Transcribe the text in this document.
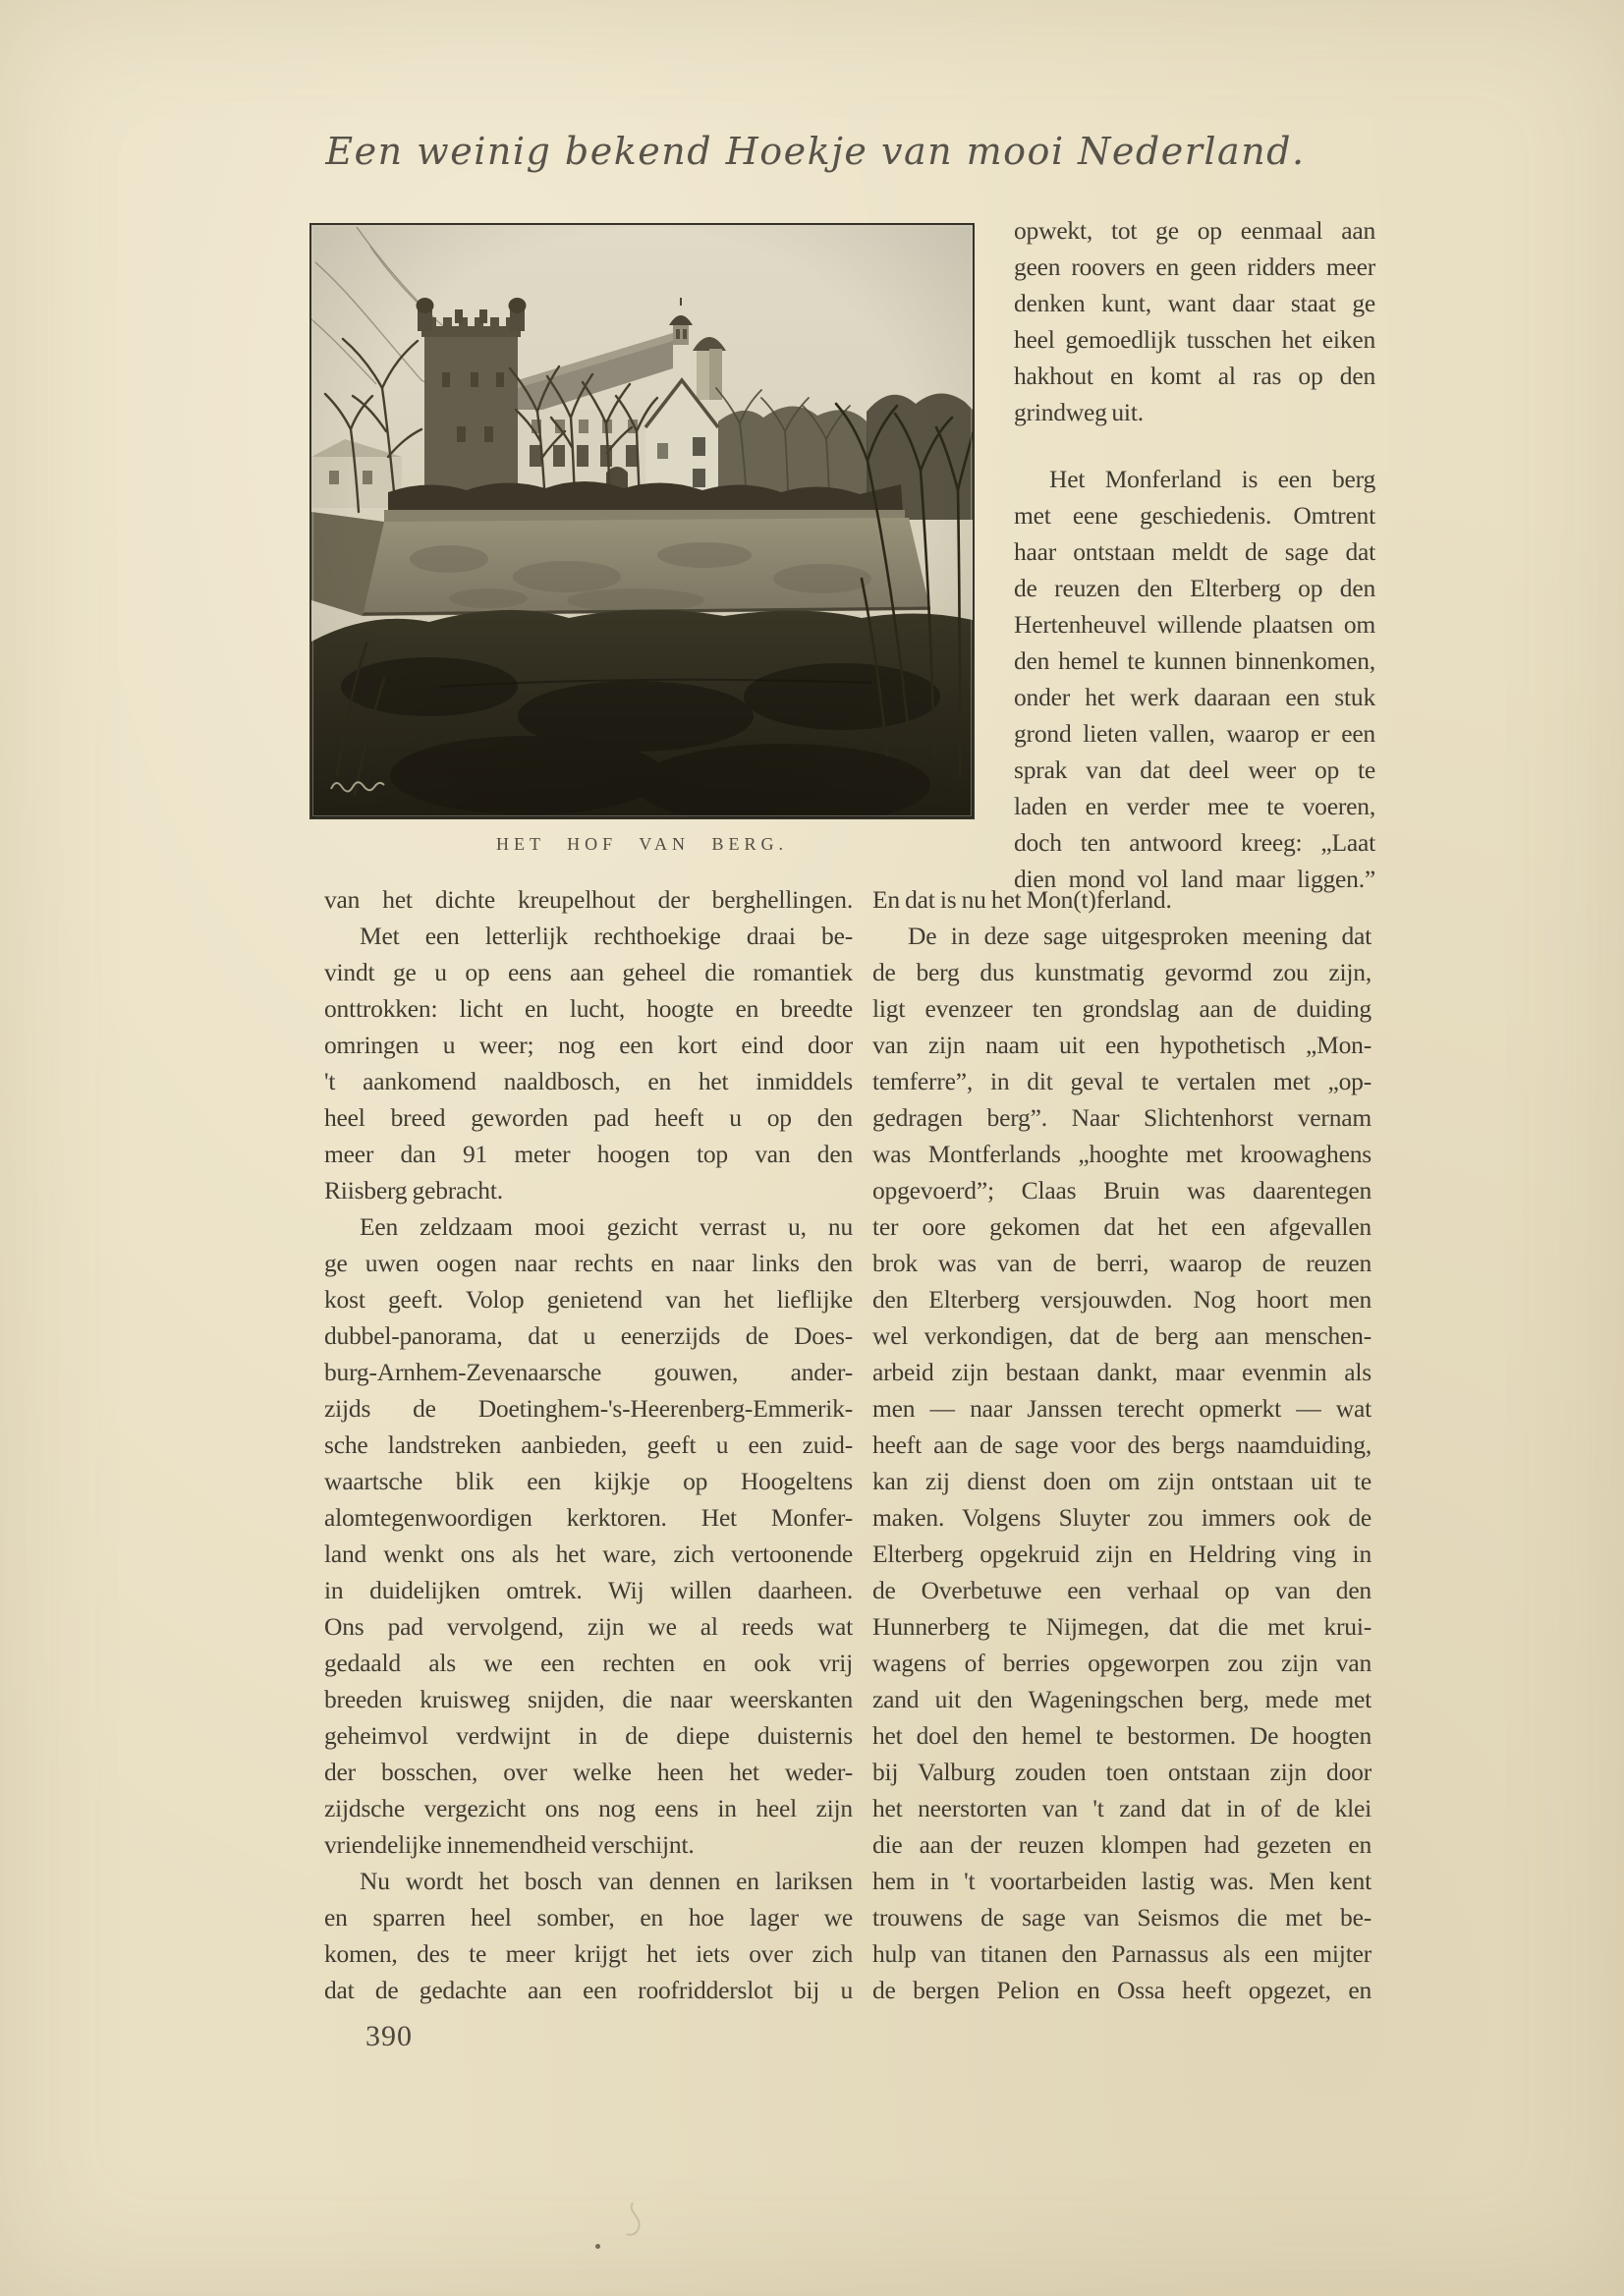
Een weinig bekend Hoekje van mooi Nederland.
HET HOF VAN BERG.
opwekt, tot ge op eenmaal aan
geen roovers en geen ridders meer
denken kunt, want daar staat ge
heel gemoedlijk tusschen het eiken
hakhout en komt al ras op den
grindweg uit.
Het Monferland is een berg
met eene geschiedenis. Omtrent
haar ontstaan meldt de sage dat
de reuzen den Elterberg op den
Hertenheuvel willende plaatsen om
den hemel te kunnen binnenkomen,
onder het werk daaraan een stuk
grond lieten vallen, waarop er een
sprak van dat deel weer op te
laden en verder mee te voeren,
doch ten antwoord kreeg: „Laat
dien mond vol land maar liggen.”
En dat is nu het Mon(t)ferland.
De in deze sage uitgesproken meening dat
de berg dus kunstmatig gevormd zou zijn,
ligt evenzeer ten grondslag aan de duiding
van zijn naam uit een hypothetisch „Mon-
temferre”, in dit geval te vertalen met „op-
gedragen berg”. Naar Slichtenhorst vernam
was Montferlands „hooghte met kroowaghens
opgevoerd”; Claas Bruin was daarentegen
ter oore gekomen dat het een afgevallen
brok was van de berri, waarop de reuzen
den Elterberg versjouwden. Nog hoort men
wel verkondigen, dat de berg aan menschen-
arbeid zijn bestaan dankt, maar evenmin als
men — naar Janssen terecht opmerkt — wat
heeft aan de sage voor des bergs naamduiding,
kan zij dienst doen om zijn ontstaan uit te
maken. Volgens Sluyter zou immers ook de
Elterberg opgekruid zijn en Heldring ving in
de Overbetuwe een verhaal op van den
Hunnerberg te Nijmegen, dat die met krui-
wagens of berries opgeworpen zou zijn van
zand uit den Wageningschen berg, mede met
het doel den hemel te bestormen. De hoogten
bij Valburg zouden toen ontstaan zijn door
het neerstorten van 't zand dat in of de klei
die aan der reuzen klompen had gezeten en
hem in 't voortarbeiden lastig was. Men kent
trouwens de sage van Seismos die met be-
hulp van titanen den Parnassus als een mijter
de bergen Pelion en Ossa heeft opgezet, en
van het dichte kreupelhout der berghellingen.
Met een letterlijk rechthoekige draai be-
vindt ge u op eens aan geheel die romantiek
onttrokken: licht en lucht, hoogte en breedte
omringen u weer; nog een kort eind door
't aankomend naaldbosch, en het inmiddels
heel breed geworden pad heeft u op den
meer dan 91 meter hoogen top van den
Riisberg gebracht.
Een zeldzaam mooi gezicht verrast u, nu
ge uwen oogen naar rechts en naar links den
kost geeft. Volop genietend van het lieflijke
dubbel-panorama, dat u eenerzijds de Does-
burg-Arnhem-Zevenaarsche gouwen, ander-
zijds de Doetinghem-'s-Heerenberg-Emmerik-
sche landstreken aanbieden, geeft u een zuid-
waartsche blik een kijkje op Hoogeltens
alomtegenwoordigen kerktoren. Het Monfer-
land wenkt ons als het ware, zich vertoonende
in duidelijken omtrek. Wij willen daarheen.
Ons pad vervolgend, zijn we al reeds wat
gedaald als we een rechten en ook vrij
breeden kruisweg snijden, die naar weerskanten
geheimvol verdwijnt in de diepe duisternis
der bosschen, over welke heen het weder-
zijdsche vergezicht ons nog eens in heel zijn
vriendelijke innemendheid verschijnt.
Nu wordt het bosch van dennen en lariksen
en sparren heel somber, en hoe lager we
komen, des te meer krijgt het iets over zich
dat de gedachte aan een roofridderslot bij u
390
